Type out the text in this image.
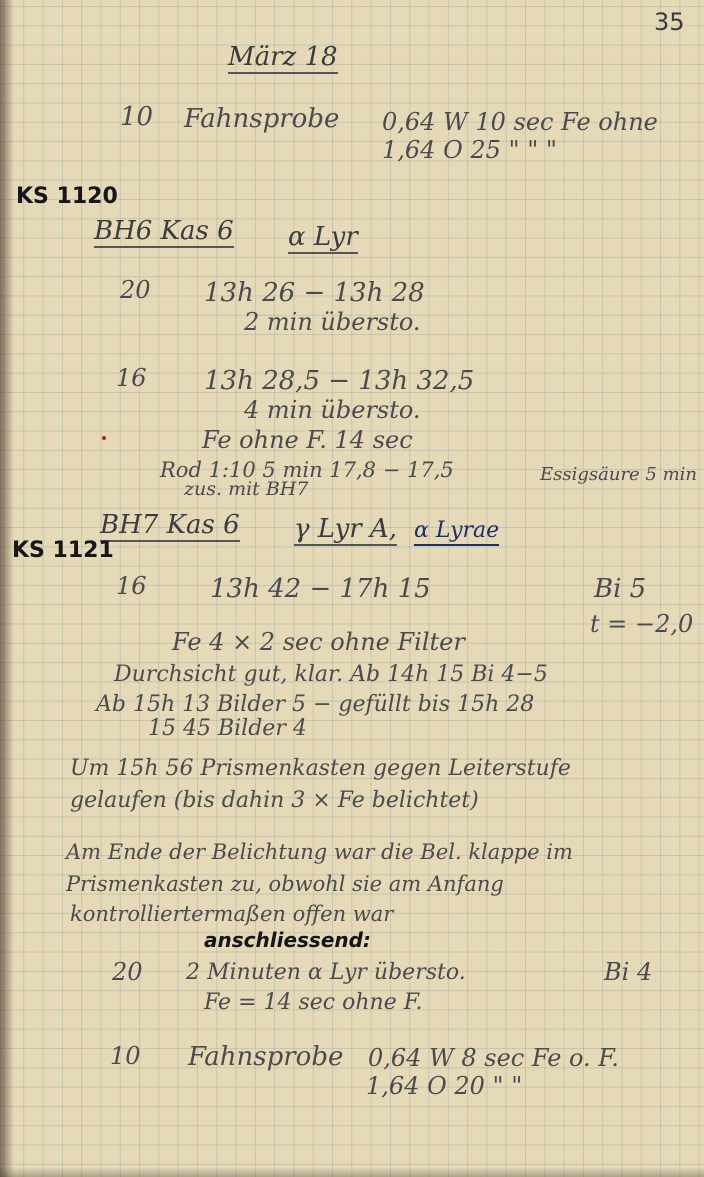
35
März 18
10 Fahnsprobe 0,64 W 10 sec Fe ohne
1,64 O 25 " " "
KS 1120
BH6 Kas 6 α Lyr
20 13h 26 − 13h 28
2 min übersto.
16 13h 28,5 − 13h 32,5
4 min übersto.
Fe ohne F. 14 sec
Rod 1:10 5 min 17,8 − 17,5	Essigsäure 5 min
zus. mit BH7
BH7 Kas 6 γ Lyr A, α Lyrae
KS 1121
16 13h 42 − 17h 15	Bi 5
t = −2,0
Fe 4 × 2 sec ohne Filter
Durchsicht gut, klar. Ab 14h 15 Bi 4−5
Ab 15h 13 Bilder 5 − gefüllt bis 15h 28
15 45 Bilder 4
Um 15h 56 Prismenkasten gegen Leiterstufe
gelaufen (bis dahin 3 × Fe belichtet)
Am Ende der Belichtung war die Bel. klappe im
Prismenkasten zu, obwohl sie am Anfang
kontrolliertermaßen offen war
anschliessend:
20 2 Minuten α Lyr übersto.	Bi 4
Fe = 14 sec ohne F.
10 Fahnsprobe 0,64 W 8 sec Fe o. F.
1,64 O 20 " "
